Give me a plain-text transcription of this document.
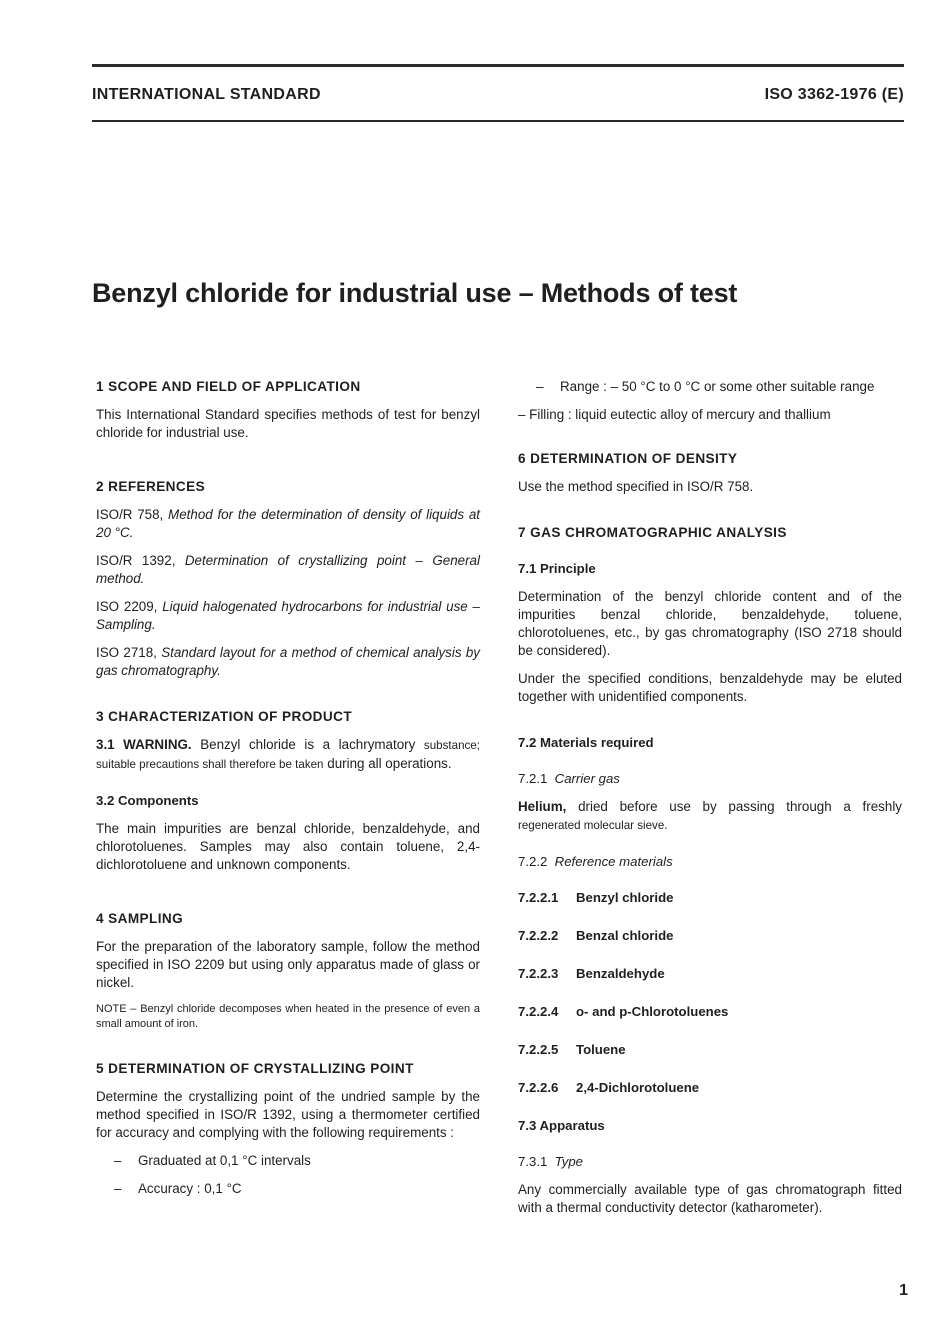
INTERNATIONAL STANDARD	ISO 3362-1976 (E)
Benzyl chloride for industrial use – Methods of test
1 SCOPE AND FIELD OF APPLICATION

This International Standard specifies methods of test for benzyl chloride for industrial use.

2 REFERENCES

ISO/R 758, Method for the determination of density of liquids at 20 °C.

ISO/R 1392, Determination of crystallizing point – General method.

ISO 2209, Liquid halogenated hydrocarbons for industrial use – Sampling.

ISO 2718, Standard layout for a method of chemical analysis by gas chromatography.

3 CHARACTERIZATION OF PRODUCT

3.1 WARNING. Benzyl chloride is a lachrymatory substance; suitable precautions shall therefore be taken during all operations.

3.2 Components

The main impurities are benzal chloride, benzaldehyde, and chlorotoluenes. Samples may also contain toluene, 2,4-dichlorotoluene and unknown components.

4 SAMPLING

For the preparation of the laboratory sample, follow the method specified in ISO 2209 but using only apparatus made of glass or nickel.

NOTE – Benzyl chloride decomposes when heated in the presence of even a small amount of iron.

5 DETERMINATION OF CRYSTALLIZING POINT

Determine the crystallizing point of the undried sample by the method specified in ISO/R 1392, using a thermometer certified for accuracy and complying with the following requirements :

– Graduated at 0,1 °C intervals
– Accuracy : 0,1 °C
– Range : – 50 °C to 0 °C or some other suitable range

– Filling : liquid eutectic alloy of mercury and thallium

6 DETERMINATION OF DENSITY

Use the method specified in ISO/R 758.

7 GAS CHROMATOGRAPHIC ANALYSIS
7.1 Principle

Determination of the benzyl chloride content and of the impurities benzal chloride, benzaldehyde, toluene, chlorotoluenes, etc., by gas chromatography (ISO 2718 should be considered).

Under the specified conditions, benzaldehyde may be eluted together with unidentified components.

7.2 Materials required
7.2.1 Carrier gas

Helium, dried before use by passing through a freshly regenerated molecular sieve.

7.2.2 Reference materials
7.2.2.1 Benzyl chloride
7.2.2.2 Benzal chloride
7.2.2.3 Benzaldehyde
7.2.2.4 o- and p-Chlorotoluenes
7.2.2.5 Toluene
7.2.2.6 2,4-Dichlorotoluene
7.3 Apparatus
7.3.1 Type

Any commercially available type of gas chromatograph fitted with a thermal conductivity detector (katharometer).

1
